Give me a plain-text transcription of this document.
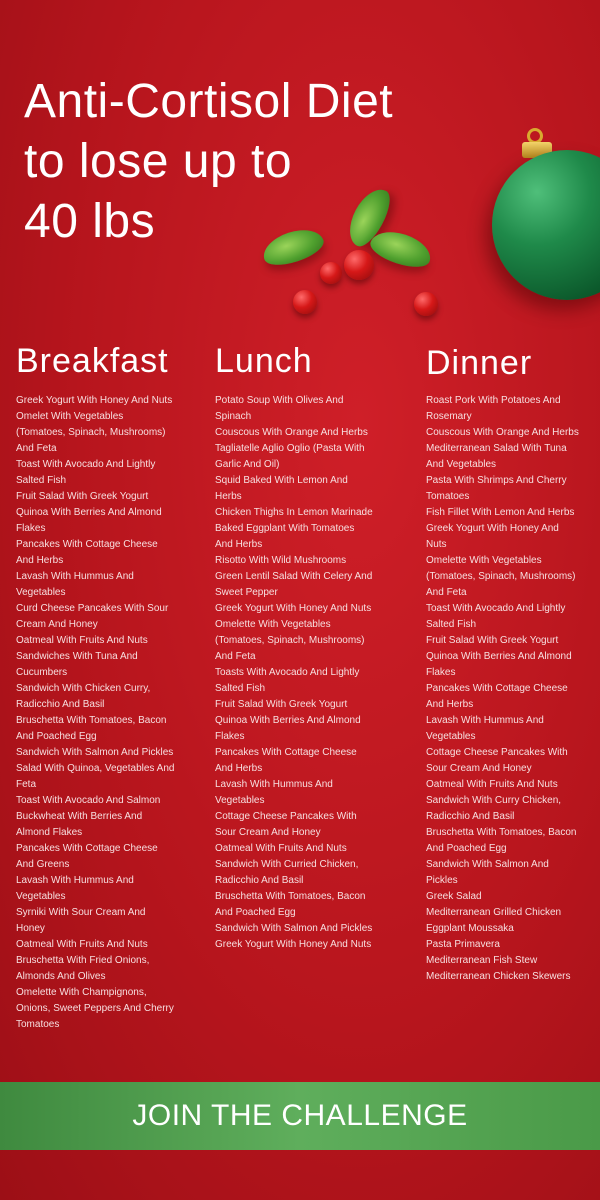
Anti-Cortisol Diet
to lose up to
40 lbs
Breakfast
Greek Yogurt With Honey And Nuts
Omelet With Vegetables
(Tomatoes, Spinach, Mushrooms)
And Feta
Toast With Avocado And Lightly
Salted Fish
Fruit Salad With Greek Yogurt
Quinoa With Berries And Almond
Flakes
Pancakes With Cottage Cheese
And Herbs
Lavash With Hummus And
Vegetables
Curd Cheese Pancakes With Sour
Cream And Honey
Oatmeal With Fruits And Nuts
Sandwiches With Tuna And
Cucumbers
Sandwich With Chicken Curry,
Radicchio And Basil
Bruschetta With Tomatoes, Bacon
And Poached Egg
Sandwich With Salmon And Pickles
Salad With Quinoa, Vegetables And
Feta
Toast With Avocado And Salmon
Buckwheat With Berries And
Almond Flakes
Pancakes With Cottage Cheese
And Greens
Lavash With Hummus And
Vegetables
Syrniki With Sour Cream And
Honey
Oatmeal With Fruits And Nuts
Bruschetta With Fried Onions,
Almonds And Olives
Omelette With Champignons,
Onions, Sweet Peppers And Cherry
Tomatoes
Lunch
Potato Soup With Olives And
Spinach
Couscous With Orange And Herbs
Tagliatelle Aglio Oglio (Pasta With
Garlic And Oil)
Squid Baked With Lemon And
Herbs
Chicken Thighs In Lemon Marinade
Baked Eggplant With Tomatoes
And Herbs
Risotto With Wild Mushrooms
Green Lentil Salad With Celery And
Sweet Pepper
Greek Yogurt With Honey And Nuts
Omelette With Vegetables
(Tomatoes, Spinach, Mushrooms)
And Feta
Toasts With Avocado And Lightly
Salted Fish
Fruit Salad With Greek Yogurt
Quinoa With Berries And Almond
Flakes
Pancakes With Cottage Cheese
And Herbs
Lavash With Hummus And
Vegetables
Cottage Cheese Pancakes With
Sour Cream And Honey
Oatmeal With Fruits And Nuts
Sandwich With Curried Chicken,
Radicchio And Basil
Bruschetta With Tomatoes, Bacon
And Poached Egg
Sandwich With Salmon And Pickles
Greek Yogurt With Honey And Nuts
Dinner
Roast Pork With Potatoes And
Rosemary
Couscous With Orange And Herbs
Mediterranean Salad With Tuna
And Vegetables
Pasta With Shrimps And Cherry
Tomatoes
Fish Fillet With Lemon And Herbs
Greek Yogurt With Honey And
Nuts
Omelette With Vegetables
(Tomatoes, Spinach, Mushrooms)
And Feta
Toast With Avocado And Lightly
Salted Fish
Fruit Salad With Greek Yogurt
Quinoa With Berries And Almond
Flakes
Pancakes With Cottage Cheese
And Herbs
Lavash With Hummus And
Vegetables
Cottage Cheese Pancakes With
Sour Cream And Honey
Oatmeal With Fruits And Nuts
Sandwich With Curry Chicken,
Radicchio And Basil
Bruschetta With Tomatoes, Bacon
And Poached Egg
Sandwich With Salmon And
Pickles
Greek Salad
Mediterranean Grilled Chicken
Eggplant Moussaka
Pasta Primavera
Mediterranean Fish Stew
Mediterranean Chicken Skewers
JOIN THE CHALLENGE
